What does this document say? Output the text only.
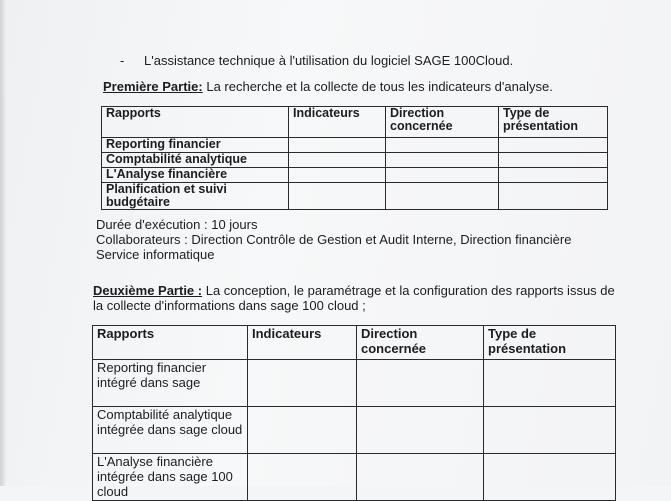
- L'assistance technique à l'utilisation du logiciel SAGE 100Cloud.
Première Partie: La recherche et la collecte de tous les indicateurs d'analyse.
Rapports	Indicateurs	Direction concernée	Type de présentation
Reporting financier			
Comptabilité analytique			
L'Analyse financière			
Planification et suivi budgétaire			
Durée d'exécution : 10 jours
Collaborateurs : Direction Contrôle de Gestion et Audit Interne, Direction financière Service informatique
Deuxième Partie : La conception, le paramétrage et la configuration des rapports issus de la collecte d'informations dans sage 100 cloud ;
Rapports	Indicateurs	Direction concernée	Type de présentation
Reporting financier intégré dans sage			
Comptabilité analytique intégrée dans sage cloud			
L'Analyse financière intégrée dans sage 100 cloud			
